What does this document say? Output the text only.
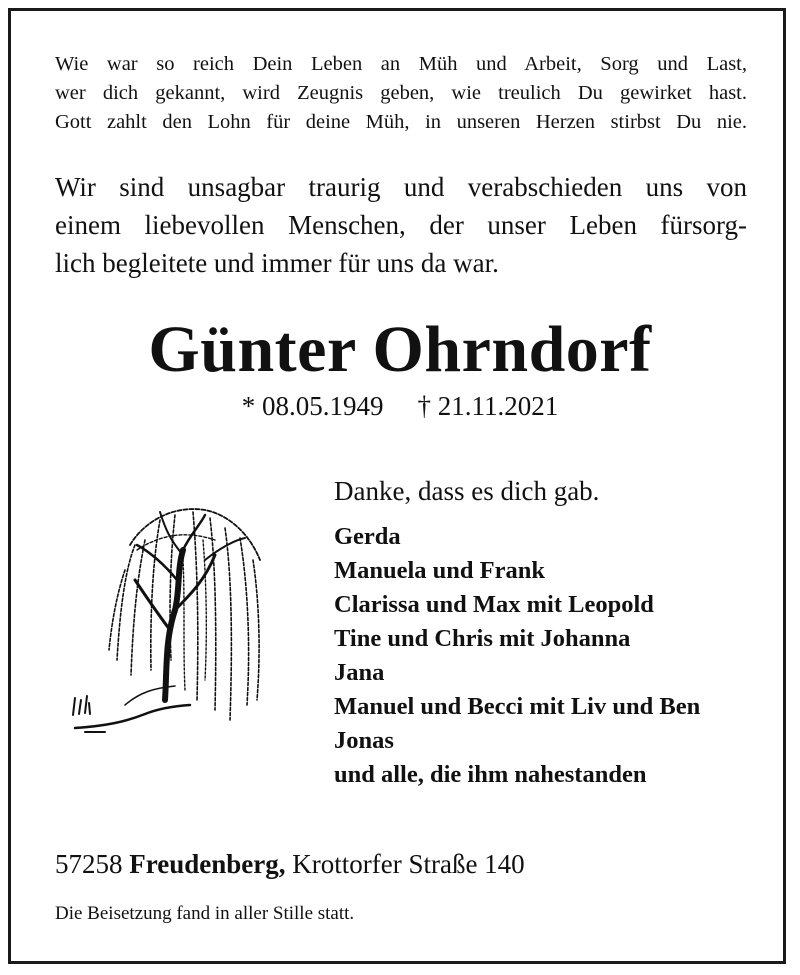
Wie war so reich Dein Leben an Müh und Arbeit, Sorg und Last,
wer dich gekannt, wird Zeugnis geben, wie treulich Du gewirket hast.
Gott zahlt den Lohn für deine Müh, in unseren Herzen stirbst Du nie.
Wir sind unsagbar traurig und verabschieden uns von
einem liebevollen Menschen, der unser Leben fürsorg-
lich begleitete und immer für uns da war.
Günter Ohrndorf
* 08.05.1949 † 21.11.2021
Danke, dass es dich gab.
Gerda
Manuela und Frank
Clarissa und Max mit Leopold
Tine und Chris mit Johanna
Jana
Manuel und Becci mit Liv und Ben
Jonas
und alle, die ihm nahestanden
57258 Freudenberg, Krottorfer Straße 140
Die Beisetzung fand in aller Stille statt.
